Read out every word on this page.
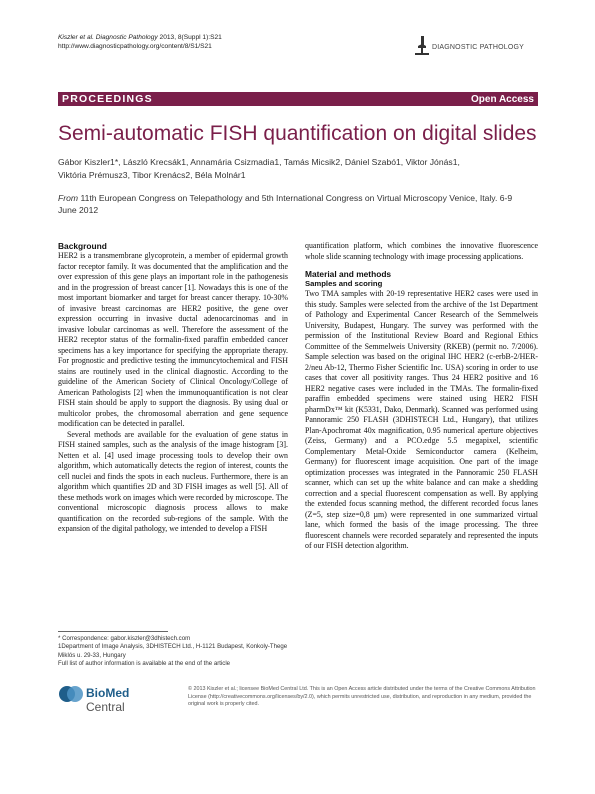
Kiszler et al. Diagnostic Pathology 2013, 8(Suppl 1):S21
http://www.diagnosticpathology.org/content/8/S1/S21	DIAGNOSTIC PATHOLOGY
PROCEEDINGS	Open Access
Semi-automatic FISH quantification on digital slides
Gábor Kiszler1*, László Krecsák1, Annamária Csizmadia1, Tamás Micsik2, Dániel Szabó1, Viktor Jónás1,
Viktória Prémusz3, Tibor Krenács2, Béla Molnár1
From 11th European Congress on Telepathology and 5th International Congress on Virtual Microscopy Venice, Italy. 6-9 June 2012

Background

HER2 is a transmembrane glycoprotein, a member of epidermal growth factor receptor family. It was documented that the amplification and the over expression of this gene plays an important role in the pathogenesis and in the progression of breast cancer [1]. Nowadays this is one of the most important biomarker and target for breast cancer therapy. 10-30% of invasive breast carcinomas are HER2 positive, the gene over expression occurring in invasive ductal adenocarcinomas and in invasive lobular carcinomas as well. Therefore the assessment of the HER2 receptor status of the formalin-fixed paraffin embedded cancer specimens has a key importance for specifying the appropriate therapy. For prognostic and predictive testing the immuncytochemical and FISH stains are routinely used in the clinical diagnostic. According to the guideline of the American Society of Clinical Oncology/College of American Pathologists [2] when the immunoquantification is not clear FISH stain should be apply to support the diagnosis. By using dual or multicolor probes, the chromosomal aberration and gene sequence modification can be detected in parallel.

Several methods are available for the evaluation of gene status in FISH stained samples, such as the analysis of the image histogram [3]. Netten et al. [4] used image processing tools to develop their own algorithm, which automatically detects the region of interest, counts the cell nuclei and finds the spots in each nucleus. Furthermore, there is an algorithm which quantifies 2D and 3D FISH images as well [5]. All of these methods work on images which were recorded by microscope. The conventional microscopic diagnosis process allows to make quantification on the recorded sub-regions of the sample. With the expansion of the digital pathology, we intended to develop a FISH

quantification platform, which combines the innovative fluorescence whole slide scanning technology with image processing applications.

Material and methods

Samples and scoring

Two TMA samples with 20-19 representative HER2 cases were used in this study. Samples were selected from the archive of the 1st Department of Pathology and Experimental Cancer Research of the Semmelweis University, Budapest, Hungary. The survey was performed with the permission of the Institutional Review Board and Regional Ethics Committee of the Semmelweis University (RKEB) (permit no. 7/2006). Sample selection was based on the original IHC HER2 (c-erbB-2/HER-2/neu Ab-12, Thermo Fisher Scientific Inc. USA) scoring in order to use cases that cover all positivity ranges. Thus 24 HER2 positive and 16 HER2 negative cases were included in the TMAs. The formalin-fixed paraffin embedded specimens were stained using HER2 FISH pharmDx™ kit (K5331, Dako, Denmark). Scanned was performed using Pannoramic 250 FLASH (3DHISTECH Ltd., Hungary), that utilizes Plan-Apochromat 40x magnification, 0.95 numerical aperture objectives (Zeiss, Germany) and a PCO.edge 5.5 megapixel, scientific Complementary Metal-Oxide Semiconductor camera (Kelheim, Germany) for fluorescent image acquisition. One part of the image optimization processes was integrated in the Pannoramic 250 FLASH scanner, which can set up the white balance and can make a shedding correction and a special fluorescent compensation as well. By applying the extended focus scanning method, the different recorded focus lanes (Z=5, step size=0,8 µm) were represented in one summarized virtual lane, which formed the basis of the image processing. The three fluorescent channels were recorded separately and represented the inputs of our FISH detection algorithm.

* Correspondence: gabor.kiszler@3dhistech.com
1Department of Image Analysis, 3DHISTECH Ltd., H-1121 Budapest, Konkoly-Thege Miklós u. 29-33, Hungary
Full list of author information is available at the end of the article
BioMed Central
© 2013 Kiszler et al.; licensee BioMed Central Ltd. This is an Open Access article distributed under the terms of the Creative Commons Attribution License (http://creativecommons.org/licenses/by/2.0), which permits unrestricted use, distribution, and reproduction in any medium, provided the original work is properly cited.
